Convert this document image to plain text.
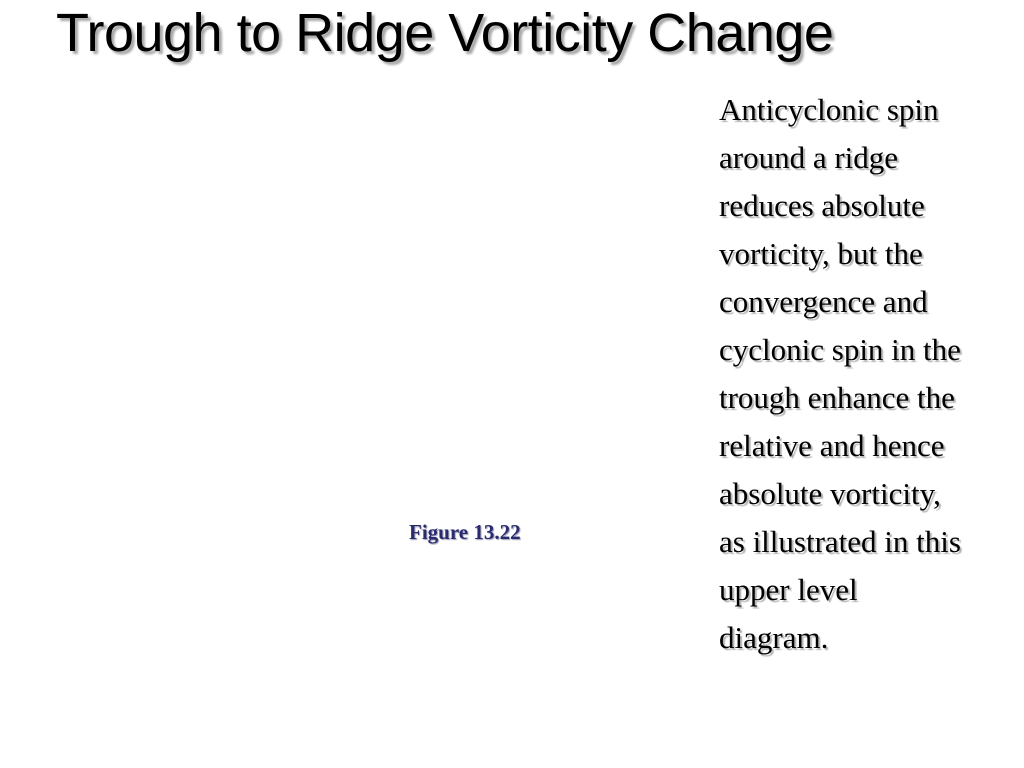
Trough to Ridge Vorticity Change
Figure 13.22
Anticyclonic spin
around a ridge
reduces absolute
vorticity, but the
convergence and
cyclonic spin in the
trough enhance the
relative and hence
absolute vorticity,
as illustrated in this
upper level
diagram.
